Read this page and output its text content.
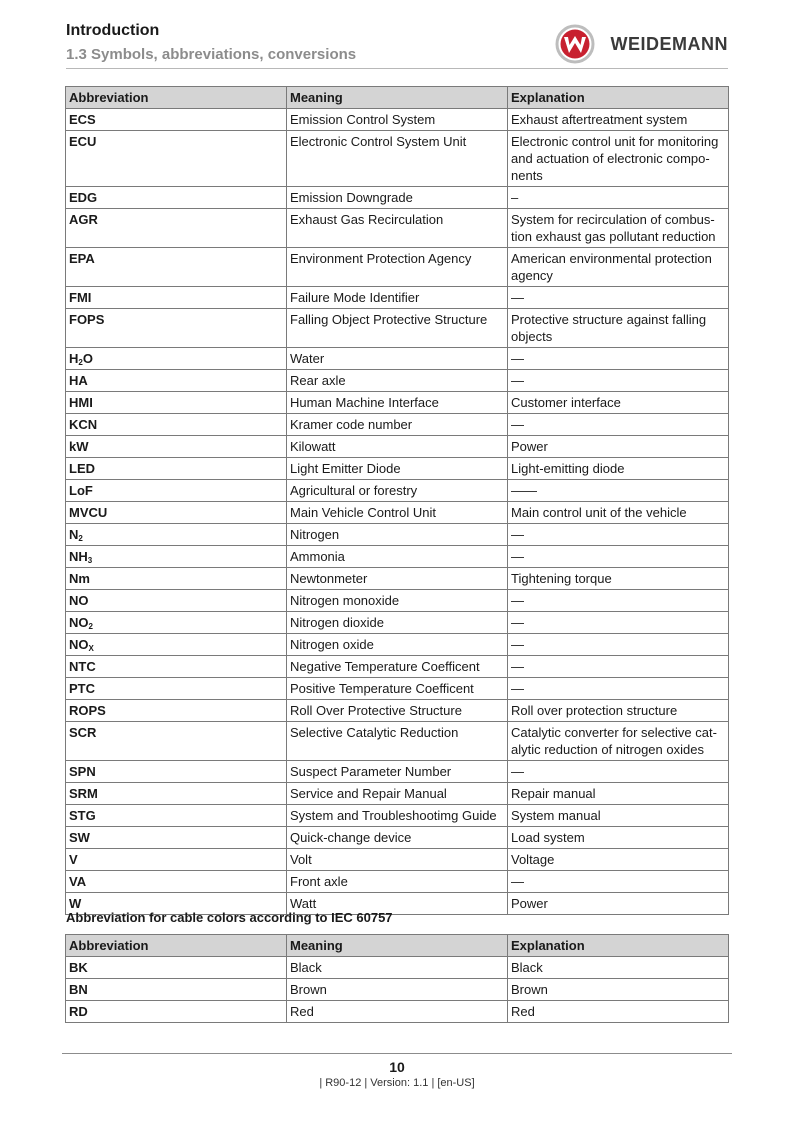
Introduction
1.3 Symbols, abbreviations, conversions
WEIDEMANN
Abbreviation	Meaning	Explanation
ECS	Emission Control System	Exhaust aftertreatment system
ECU	Electronic Control System Unit	Electronic control unit for monitoring and actuation of electronic compo-nents
EDG	Emission Downgrade	–
AGR	Exhaust Gas Recirculation	System for recirculation of combus-tion exhaust gas pollutant reduction
EPA	Environment Protection Agency	American environmental protection agency
FMI	Failure Mode Identifier	—
FOPS	Falling Object Protective Structure	Protective structure against falling objects
$H_2O$	Water	—
HA	Rear axle	—
HMI	Human Machine Interface	Customer interface
KCN	Kramer code number	—
kW	Kilowatt	Power
LED	Light Emitter Diode	Light-emitting diode
LoF	Agricultural or forestry	——
MVCU	Main Vehicle Control Unit	Main control unit of the vehicle
$N_2$	Nitrogen	—
$NH_3$	Ammonia	—
Nm	Newtonmeter	Tightening torque
NO	Nitrogen monoxide	—
$NO_2$	Nitrogen dioxide	—
$NO_X$	Nitrogen oxide	—
NTC	Negative Temperature Coefficent	—
PTC	Positive Temperature Coefficent	—
ROPS	Roll Over Protective Structure	Roll over protection structure
SCR	Selective Catalytic Reduction	Catalytic converter for selective cat-alytic reduction of nitrogen oxides
SPN	Suspect Parameter Number	—
SRM	Service and Repair Manual	Repair manual
STG	System and Troubleshootimg Guide	System manual
SW	Quick-change device	Load system
V	Volt	Voltage
VA	Front axle	—
W	Watt	Power
Abbreviation for cable colors according to IEC 60757
Abbreviation	Meaning	Explanation
BK	Black	Black
BN	Brown	Brown
RD	Red	Red
10
| R90-12 | Version: 1.1 | [en-US]
